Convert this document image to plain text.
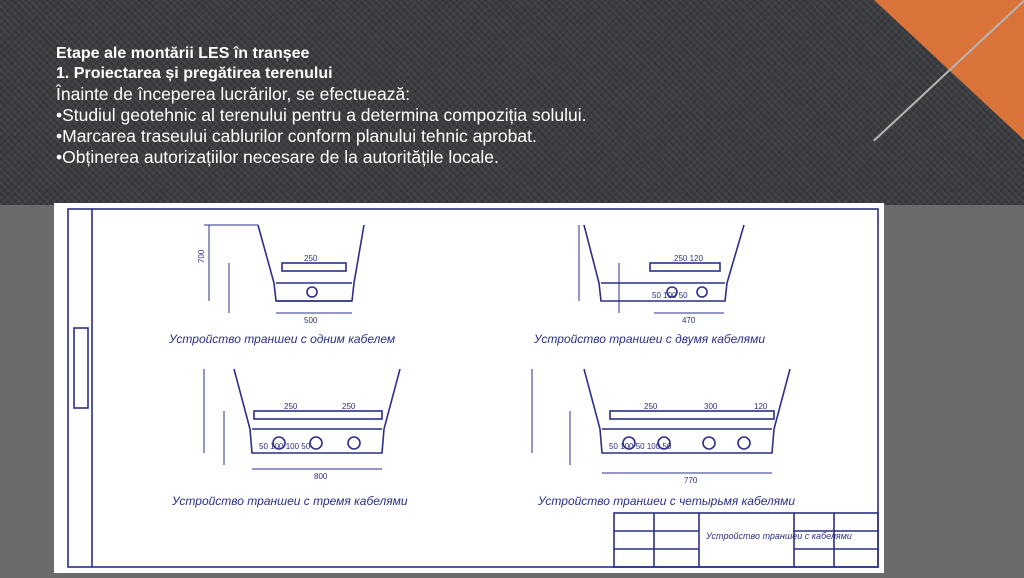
Etape ale montării LES în tranșee

1. Proiectarea și pregătirea terenului

Înainte de începerea lucrărilor, se efectuează:

•Studiul geotehnic al terenului pentru a determina compoziția solului.

•Marcarea traseului cablurilor conform planului tehnic aprobat.

•Obținerea autorizațiilor necesare de la autoritățile locale.

250
500
700	250 120
470
50 100 50
250	250
800
50 100 100 50
250	300	120
770
50 100 50 100 50
Устройство траншеи с одним кабелем	Устройство траншеи с двумя кабелями
Устройство траншеи с тремя кабелями	Устройство траншеи с четырьмя кабелями
Устройство траншеи с кабелями
